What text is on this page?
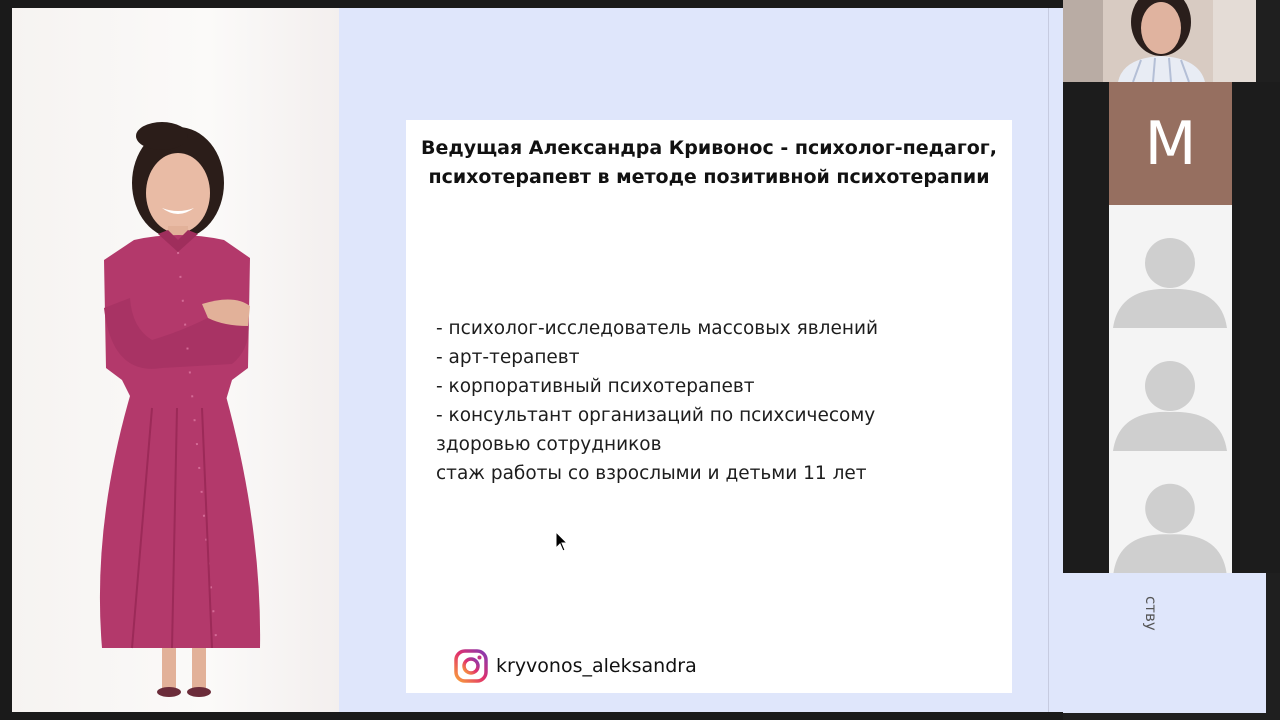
Ведущая Александра Кривонос - психолог-педагог,
психотерапевт в методе позитивной психотерапии
- психолог-исследователь массовых явлений
- арт-терапевт
- корпоративный психотерапевт
- консультант организаций по психсичесому
здоровью сотрудников
стаж работы со взрослыми и детьми 11 лет
kryvonos_aleksandra
М
ству
